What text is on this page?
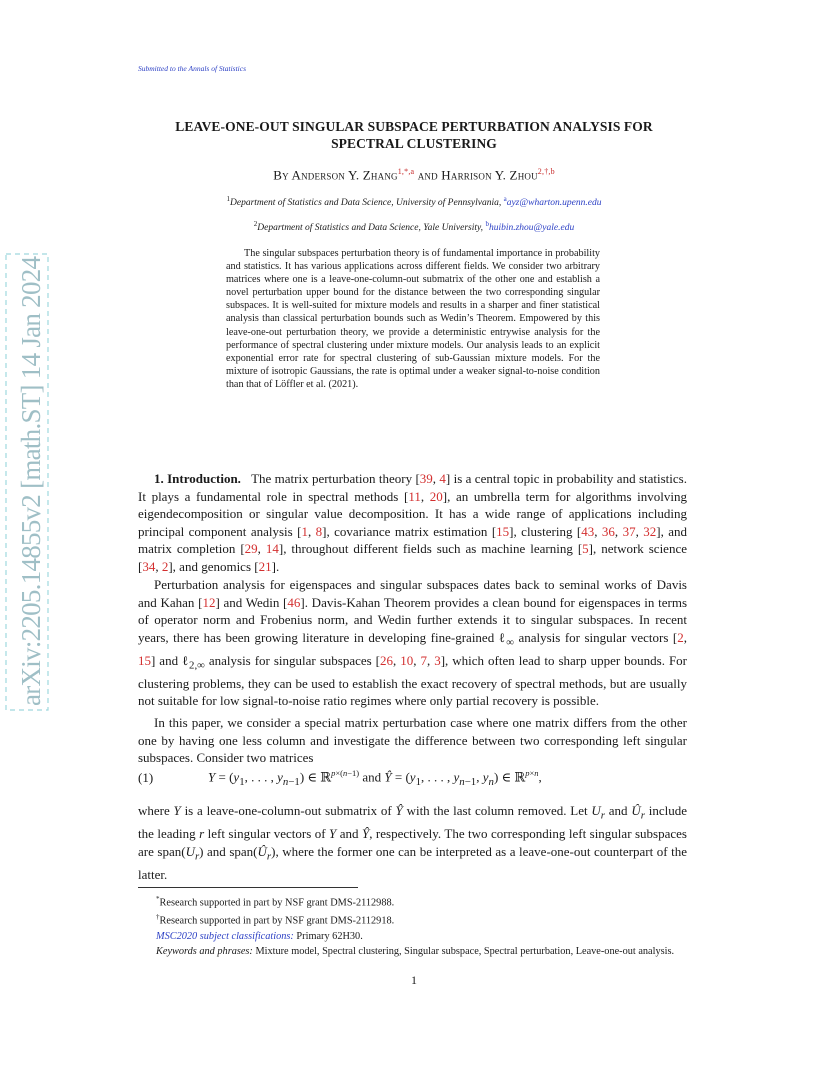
Submitted to the Annals of Statistics
arXiv:2205.14855v2 [math.ST] 14 Jan 2024
LEAVE-ONE-OUT SINGULAR SUBSPACE PERTURBATION ANALYSIS FOR
SPECTRAL CLUSTERING
By Anderson Y. Zhang$^{1,*,a}$ and Harrison Y. Zhou$^{2,\dagger,b}$
$^1$Department of Statistics and Data Science, University of Pennsylvania, $^a$ayz@wharton.upenn.edu
$^2$Department of Statistics and Data Science, Yale University, $^b$huibin.zhou@yale.edu

The singular subspaces perturbation theory is of fundamental importance in probability and statistics. It has various applications across different fields. We consider two arbitrary matrices where one is a leave-one-column-out submatrix of the other one and establish a novel perturbation upper bound for the distance between the two corresponding singular subspaces. It is well-suited for mixture models and results in a sharper and finer statistical analysis than classical perturbation bounds such as Wedin’s Theorem. Empowered by this leave-one-out perturbation theory, we provide a deterministic entrywise analysis for the performance of spectral clustering under mixture models. Our analysis leads to an explicit exponential error rate for spectral clustering of sub-Gaussian mixture models. For the mixture of isotropic Gaussians, the rate is optimal under a weaker signal-to-noise condition than that of Löffler et al. (2021).

1. Introduction. The matrix perturbation theory [39, 4] is a central topic in probability and statistics. It plays a fundamental role in spectral methods [11, 20], an umbrella term for algorithms involving eigendecomposition or singular value decomposition. It has a wide range of applications including principal component analysis [1, 8], covariance matrix estimation [15], clustering [43, 36, 37, 32], and matrix completion [29, 14], throughout different fields such as machine learning [5], network science [34, 2], and genomics [21].

Perturbation analysis for eigenspaces and singular subspaces dates back to seminal works of Davis and Kahan [12] and Wedin [46]. Davis-Kahan Theorem provides a clean bound for eigenspaces in terms of operator norm and Frobenius norm, and Wedin further extends it to singular subspaces. In recent years, there has been growing literature in developing fine-grained ℓ$_\infty$ analysis for singular vectors [2, 15] and ℓ$_{2,\infty}$ analysis for singular subspaces [26, 10, 7, 3], which often lead to sharp upper bounds. For clustering problems, they can be used to establish the exact recovery of spectral methods, but are usually not suitable for low signal-to-noise ratio regimes where only partial recovery is possible.

In this paper, we consider a special matrix perturbation case where one matrix differs from the other one by having one less column and investigate the difference between two corresponding left singular subspaces. Consider two matrices

(1)	$Y = (y_1$, . . . , $y_{n-1}$) ∈ ℝ$^{p\times(n-1)}$ and Ŷ = ($y_1$, . . . , $y_{n-1}$, $y_n$) ∈ ℝ$^{p\times n}$,

where Y is a leave-one-column-out submatrix of Ŷ with the last column removed. Let $U_r$ and $Û_r$ include the leading r left singular vectors of Y and Ŷ, respectively. The two corresponding left singular subspaces are $span(U_r)$ and $span(Û_r)$, where the former one can be interpreted as a leave-one-out counterpart of the latter.

*Research supported in part by NSF grant DMS-2112988.
†Research supported in part by NSF grant DMS-2112918.
MSC2020 subject classifications: Primary 62H30.
Keywords and phrases: Mixture model, Spectral clustering, Singular subspace, Spectral perturbation, Leave-one-out analysis.
1
